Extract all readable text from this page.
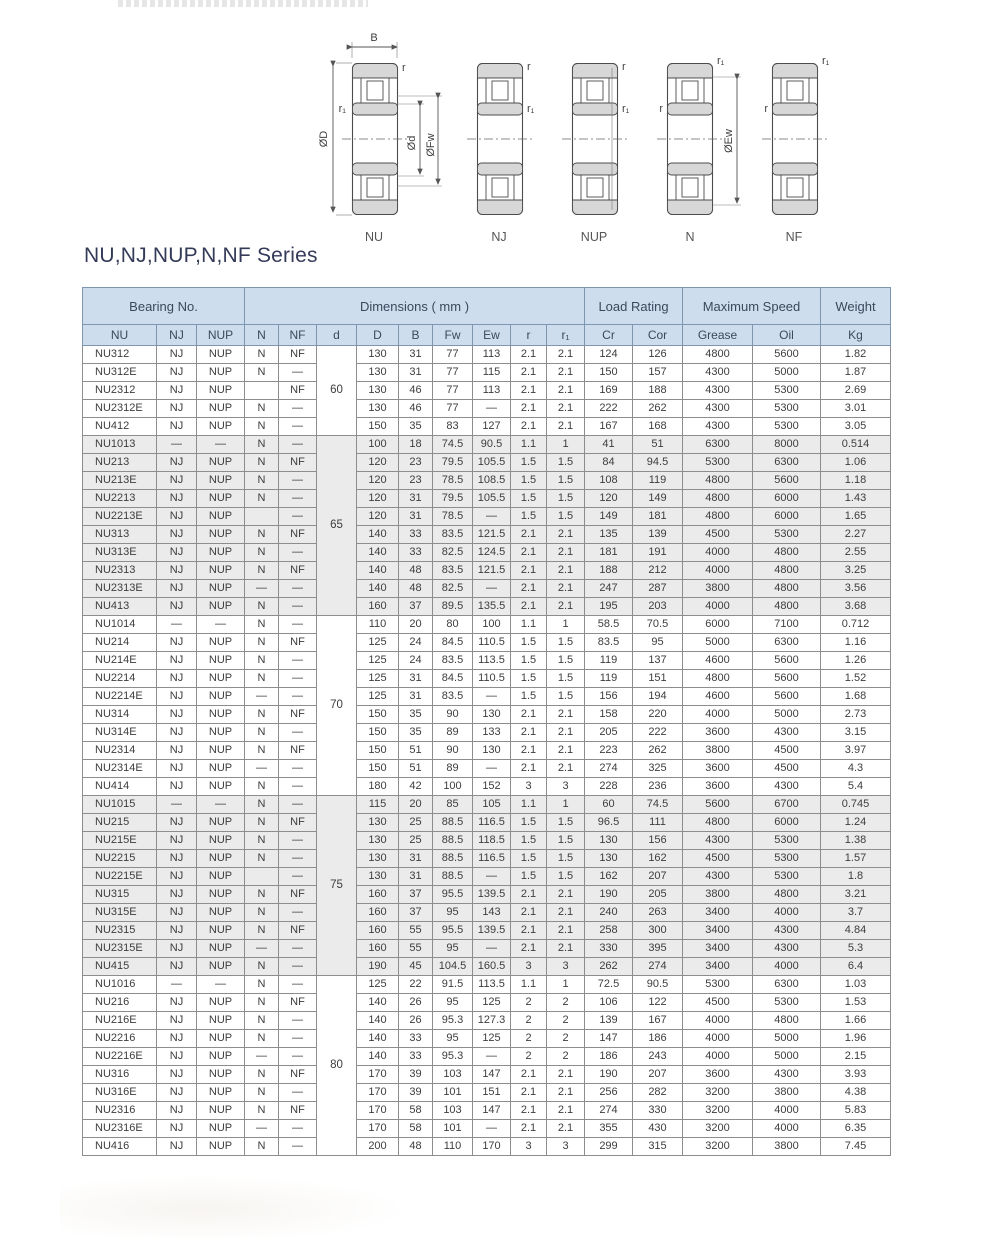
B
r
r₁
ØD	Ød ØFw
NU
r
r₁
NJ
r
r₁
NUP
r₁
r
ØEw
N
r₁
r
NF
NU,NJ,NUP,N,NF Series
Bearing No.			Dimensions ( mm )									Load Rating		Maximum Speed		Weight
NU	NJ	NUP	N	NF	d	D	B	Fw	Ew	r	r₁	Cr	Cor	Grease	Oil	Kg
NU312	NJ	NUP	N	NF	60	130	31	77	113	2.1	2.1	124	126	4800	5600	1.82
NU312E	NJ	NUP	N	—		130	31	77	115	2.1	2.1	150	157	4300	5000	1.87
NU2312	NJ	NUP		NF		130	46	77	113	2.1	2.1	169	188	4300	5300	2.69
NU2312E	NJ	NUP	N	—		130	46	77	—	2.1	2.1	222	262	4300	5300	3.01
NU412	NJ	NUP	N	—		150	35	83	127	2.1	2.1	167	168	4300	5300	3.05
NU1013	—	—	N	—	65	100	18	74.5	90.5	1.1	1	41	51	6300	8000	0.514
NU213	NJ	NUP	N	NF		120	23	79.5	105.5	1.5	1.5	84	94.5	5300	6300	1.06
NU213E	NJ	NUP	N	—		120	23	78.5	108.5	1.5	1.5	108	119	4800	5600	1.18
NU2213	NJ	NUP	N	—		120	31	79.5	105.5	1.5	1.5	120	149	4800	6000	1.43
NU2213E	NJ	NUP		—		120	31	78.5	—	1.5	1.5	149	181	4800	6000	1.65
NU313	NJ	NUP	N	NF		140	33	83.5	121.5	2.1	2.1	135	139	4500	5300	2.27
NU313E	NJ	NUP	N	—		140	33	82.5	124.5	2.1	2.1	181	191	4000	4800	2.55
NU2313	NJ	NUP	N	NF		140	48	83.5	121.5	2.1	2.1	188	212	4000	4800	3.25
NU2313E	NJ	NUP	—	—		140	48	82.5	—	2.1	2.1	247	287	3800	4800	3.56
NU413	NJ	NUP	N	—		160	37	89.5	135.5	2.1	2.1	195	203	4000	4800	3.68
NU1014	—	—	N	—	70	110	20	80	100	1.1	1	58.5	70.5	6000	7100	0.712
NU214	NJ	NUP	N	NF		125	24	84.5	110.5	1.5	1.5	83.5	95	5000	6300	1.16
NU214E	NJ	NUP	N	—		125	24	83.5	113.5	1.5	1.5	119	137	4600	5600	1.26
NU2214	NJ	NUP	N	—		125	31	84.5	110.5	1.5	1.5	119	151	4800	5600	1.52
NU2214E	NJ	NUP	—	—		125	31	83.5	—	1.5	1.5	156	194	4600	5600	1.68
NU314	NJ	NUP	N	NF		150	35	90	130	2.1	2.1	158	220	4000	5000	2.73
NU314E	NJ	NUP	N	—		150	35	89	133	2.1	2.1	205	222	3600	4300	3.15
NU2314	NJ	NUP	N	NF		150	51	90	130	2.1	2.1	223	262	3800	4500	3.97
NU2314E	NJ	NUP	—	—		150	51	89	—	2.1	2.1	274	325	3600	4500	4.3
NU414	NJ	NUP	N	—		180	42	100	152	3	3	228	236	3600	4300	5.4
NU1015	—	—	N	—	75	115	20	85	105	1.1	1	60	74.5	5600	6700	0.745
NU215	NJ	NUP	N	NF		130	25	88.5	116.5	1.5	1.5	96.5	111	4800	6000	1.24
NU215E	NJ	NUP	N	—		130	25	88.5	118.5	1.5	1.5	130	156	4300	5300	1.38
NU2215	NJ	NUP	N	—		130	31	88.5	116.5	1.5	1.5	130	162	4500	5300	1.57
NU2215E	NJ	NUP		—		130	31	88.5	—	1.5	1.5	162	207	4300	5300	1.8
NU315	NJ	NUP	N	NF		160	37	95.5	139.5	2.1	2.1	190	205	3800	4800	3.21
NU315E	NJ	NUP	N	—		160	37	95	143	2.1	2.1	240	263	3400	4000	3.7
NU2315	NJ	NUP	N	NF		160	55	95.5	139.5	2.1	2.1	258	300	3400	4300	4.84
NU2315E	NJ	NUP	—	—		160	55	95	—	2.1	2.1	330	395	3400	4300	5.3
NU415	NJ	NUP	N	—		190	45	104.5	160.5	3	3	262	274	3400	4000	6.4
NU1016	—	—	N	—	80	125	22	91.5	113.5	1.1	1	72.5	90.5	5300	6300	1.03
NU216	NJ	NUP	N	NF		140	26	95	125	2	2	106	122	4500	5300	1.53
NU216E	NJ	NUP	N	—		140	26	95.3	127.3	2	2	139	167	4000	4800	1.66
NU2216	NJ	NUP	N	—		140	33	95	125	2	2	147	186	4000	5000	1.96
NU2216E	NJ	NUP	—	—		140	33	95.3	—	2	2	186	243	4000	5000	2.15
NU316	NJ	NUP	N	NF		170	39	103	147	2.1	2.1	190	207	3600	4300	3.93
NU316E	NJ	NUP	N	—		170	39	101	151	2.1	2.1	256	282	3200	3800	4.38
NU2316	NJ	NUP	N	NF		170	58	103	147	2.1	2.1	274	330	3200	4000	5.83
NU2316E	NJ	NUP	—	—		170	58	101	—	2.1	2.1	355	430	3200	4000	6.35
NU416	NJ	NUP	N	—		200	48	110	170	3	3	299	315	3200	3800	7.45
